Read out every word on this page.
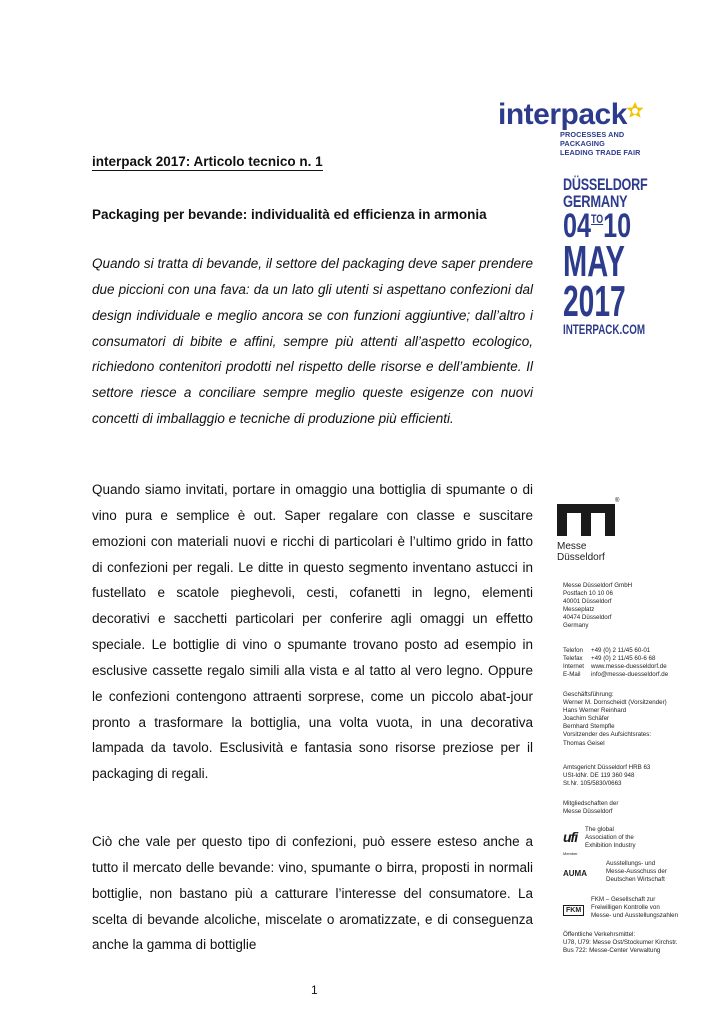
interpack
PROCESSES AND PACKAGING
LEADING TRADE FAIR
DÜSSELDORF
GERMANY
$04^{TO}10$
MAY
2017
INTERPACK.COM
interpack 2017: Articolo tecnico n. 1
Packaging per bevande: individualità ed efficienza in armonia

Quando si tratta di bevande, il settore del packaging deve saper prendere due piccioni con una fava: da un lato gli utenti si aspettano confezioni dal design individuale e meglio ancora se con funzioni aggiuntive; dall’altro i consumatori di bibite e affini, sempre più attenti all’aspetto ecologico, richiedono contenitori prodotti nel rispetto delle risorse e dell’ambiente. Il settore riesce a conciliare sempre meglio queste esigenze con nuovi concetti di imballaggio e tecniche di produzione più efficienti.

Quando siamo invitati, portare in omaggio una bottiglia di spumante o di vino pura e semplice è out. Saper regalare con classe e suscitare emozioni con materiali nuovi e ricchi di particolari è l’ultimo grido in fatto di confezioni per regali. Le ditte in questo segmento inventano astucci in fustellato e scatole pieghevoli, cesti, cofanetti in legno, elementi decorativi e sacchetti particolari per conferire agli omaggi un effetto speciale. Le bottiglie di vino o spumante trovano posto ad esempio in esclusive cassette regalo simili alla vista e al tatto al vero legno. Oppure le confezioni contengono attraenti sorprese, come un piccolo abat-jour pronto a trasformare la bottiglia, una volta vuota, in una decorativa lampada da tavolo. Esclusività e fantasia sono risorse preziose per il packaging di regali.

Ciò che vale per questo tipo di confezioni, può essere esteso anche a tutto il mercato delle bevande: vino, spumante o birra, proposti in normali bottiglie, non bastano più a catturare l’interesse del consumatore. La scelta di bevande alcoliche, miscelate o aromatizzate, e di conseguenza anche la gamma di bottiglie

1
®
Messe
Düsseldorf
Messe Düsseldorf GmbH
Postfach 10 10 06
40001 Düsseldorf
Messeplatz
40474 Düsseldorf
Germany
Telefon	+49 (0) 2 11/45 60-01
Telefax	+49 (0) 2 11/45 60-6 68
Internet	www.messe-duesseldorf.de
E-Mail	info@messe-duesseldorf.de
Geschäftsführung:
Werner M. Dornscheidt (Vorsitzender)
Hans Werner Reinhard
Joachim Schäfer
Bernhard Stempfle
Vorsitzender des Aufsichtsrates:
Thomas Geisel
Amtsgericht Düsseldorf HRB 63
USt-IdNr. DE 119 360 948
St.Nr. 105/5830/0663
Mitgliedschaften der
Messe Düsseldorf
ufi
Member
The global
Association of the
Exhibition Industry
AUMA
Ausstellungs- und
Messe-Ausschuss der
Deutschen Wirtschaft
FKM
FKM – Gesellschaft zur
Freiwilligen Kontrolle von
Messe- und Ausstellungszahlen
Öffentliche Verkehrsmittel:
U78, U79: Messe Ost/Stockumer Kirchstr.
Bus 722: Messe-Center Verwaltung
